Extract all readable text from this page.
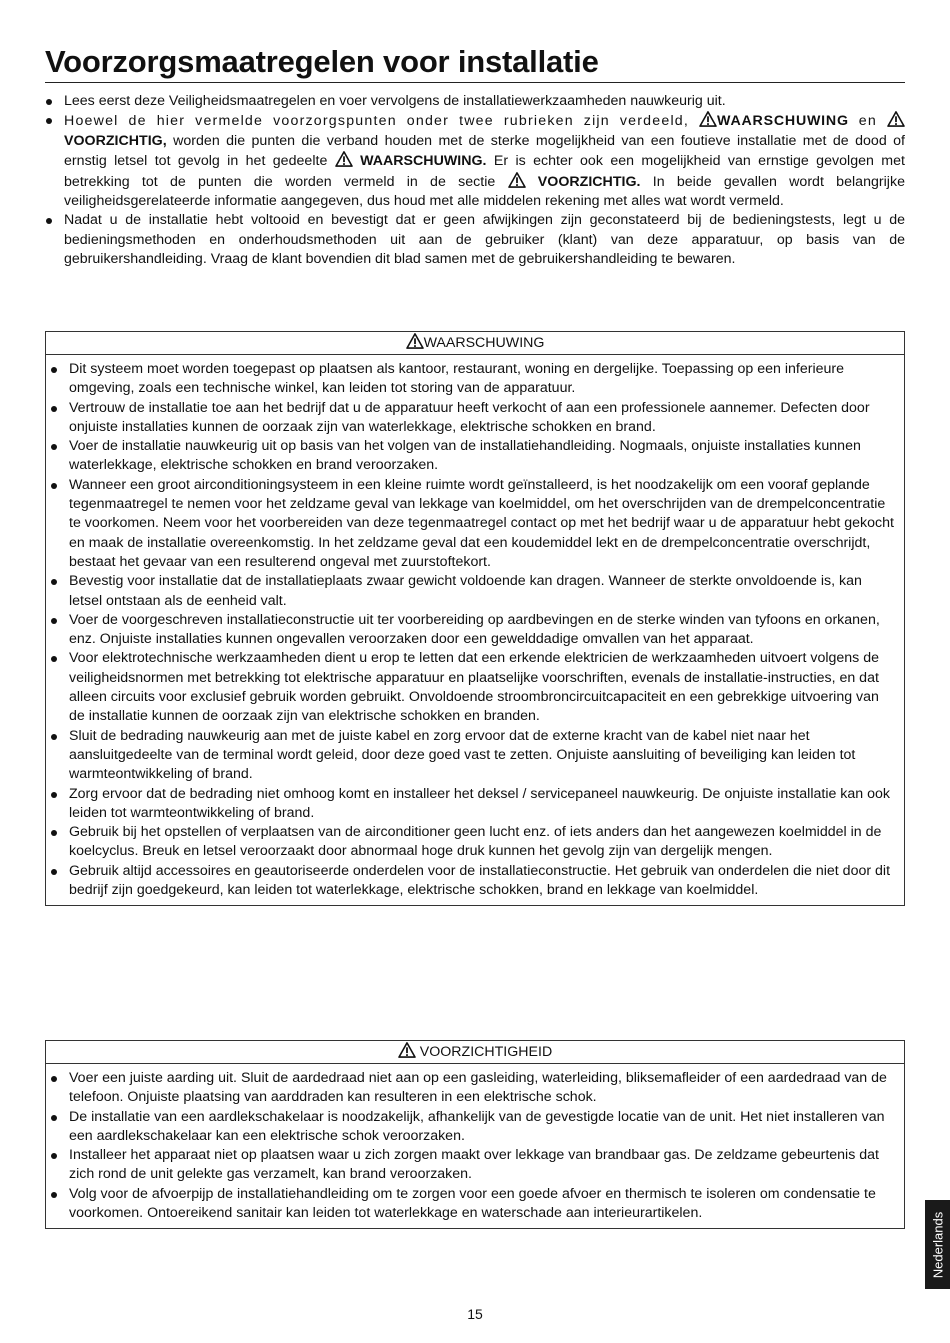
Voorzorgsmaatregelen voor installatie
Lees eerst deze Veiligheidsmaatregelen en voer vervolgens de installatiewerkzaamheden nauwkeurig uit.
Hoewel de hier vermelde voorzorgspunten onder twee rubrieken zijn verdeeld, WAARSCHUWING en  VOORZICHTIG, worden die punten die verband houden met de sterke mogelijkheid van een foutieve installatie met de dood of ernstig letsel tot gevolg in het gedeelte  WAARSCHUWING. Er is echter ook een mogelijkheid van ernstige gevolgen met betrekking tot de punten die worden vermeld in de sectie  VOORZICHTIG. In beide gevallen wordt belangrijke veiligheidsgerelateerde informatie aangegeven, dus houd met alle middelen rekening met alles wat wordt vermeld.
Nadat u de installatie hebt voltooid en bevestigt dat er geen afwijkingen zijn geconstateerd bij de bedieningstests, legt u de bedieningsmethoden en onderhoudsmethoden uit aan de gebruiker (klant) van deze apparatuur, op basis van de gebruikershandleiding. Vraag de klant bovendien dit blad samen met de gebruikershandleiding te bewaren.
WAARSCHUWING
Dit systeem moet worden toegepast op plaatsen als kantoor, restaurant, woning en dergelijke. Toepassing op een inferieure omgeving, zoals een technische winkel, kan leiden tot storing van de apparatuur.
Vertrouw de installatie toe aan het bedrijf dat u de apparatuur heeft verkocht of aan een professionele aannemer. Defecten door onjuiste installaties kunnen de oorzaak zijn van waterlekkage, elektrische schokken en brand.
Voer de installatie nauwkeurig uit op basis van het volgen van de installatiehandleiding. Nogmaals, onjuiste installaties kunnen waterlekkage, elektrische schokken en brand veroorzaken.
Wanneer een groot airconditioningsysteem in een kleine ruimte wordt geïnstalleerd, is het noodzakelijk om een vooraf geplande tegenmaatregel te nemen voor het zeldzame geval van lekkage van koelmiddel, om het overschrijden van de drempelconcentratie te voorkomen. Neem voor het voorbereiden van deze tegenmaatregel contact op met het bedrijf waar u de apparatuur hebt gekocht en maak de installatie overeenkomstig. In het zeldzame geval dat een koudemiddel lekt en de drempelconcentratie overschrijdt, bestaat het gevaar van een resulterend ongeval met zuurstoftekort.
Bevestig voor installatie dat de installatieplaats zwaar gewicht voldoende kan dragen. Wanneer de sterkte onvoldoende is, kan letsel ontstaan als de eenheid valt.
Voer de voorgeschreven installatieconstructie uit ter voorbereiding op aardbevingen en de sterke winden van tyfoons en orkanen, enz. Onjuiste installaties kunnen ongevallen veroorzaken door een gewelddadige omvallen van het apparaat.
Voor elektrotechnische werkzaamheden dient u erop te letten dat een erkende elektricien de werkzaamheden uitvoert volgens de veiligheidsnormen met betrekking tot elektrische apparatuur en plaatselijke voorschriften, evenals de installatie-instructies, en dat alleen circuits voor exclusief gebruik worden gebruikt. Onvoldoende stroombroncircuitcapaciteit en een gebrekkige uitvoering van de installatie kunnen de oorzaak zijn van elektrische schokken en branden.
Sluit de bedrading nauwkeurig aan met de juiste kabel en zorg ervoor dat de externe kracht van de kabel niet naar het aansluitgedeelte van de terminal wordt geleid, door deze goed vast te zetten. Onjuiste aansluiting of beveiliging kan leiden tot warmteontwikkeling of brand.
Zorg ervoor dat de bedrading niet omhoog komt en installeer het deksel / servicepaneel nauwkeurig. De onjuiste installatie kan ook leiden tot warmteontwikkeling of brand.
Gebruik bij het opstellen of verplaatsen van de airconditioner geen lucht enz. of iets anders dan het aangewezen koelmiddel in de koelcyclus. Breuk en letsel veroorzaakt door abnormaal hoge druk kunnen het gevolg zijn van dergelijk mengen.
Gebruik altijd accessoires en geautoriseerde onderdelen voor de installatieconstructie. Het gebruik van onderdelen die niet door dit bedrijf zijn goedgekeurd, kan leiden tot waterlekkage, elektrische schokken, brand en lekkage van koelmiddel.
VOORZICHTIGHEID
Voer een juiste aarding uit. Sluit de aardedraad niet aan op een gasleiding, waterleiding, bliksemafleider of een aardedraad van de telefoon. Onjuiste plaatsing van aarddraden kan resulteren in een elektrische schok.
De installatie van een aardlekschakelaar is noodzakelijk, afhankelijk van de gevestigde locatie van de unit. Het niet installeren van een aardlekschakelaar kan een elektrische schok veroorzaken.
Installeer het apparaat niet op plaatsen waar u zich zorgen maakt over lekkage van brandbaar gas. De zeldzame gebeurtenis dat zich rond de unit gelekte gas verzamelt, kan brand veroorzaken.
Volg voor de afvoerpijp de installatiehandleiding om te zorgen voor een goede afvoer en thermisch te isoleren om condensatie te voorkomen. Ontoereikend sanitair kan leiden tot waterlekkage en waterschade aan interieurartikelen.	Nederlands
15
